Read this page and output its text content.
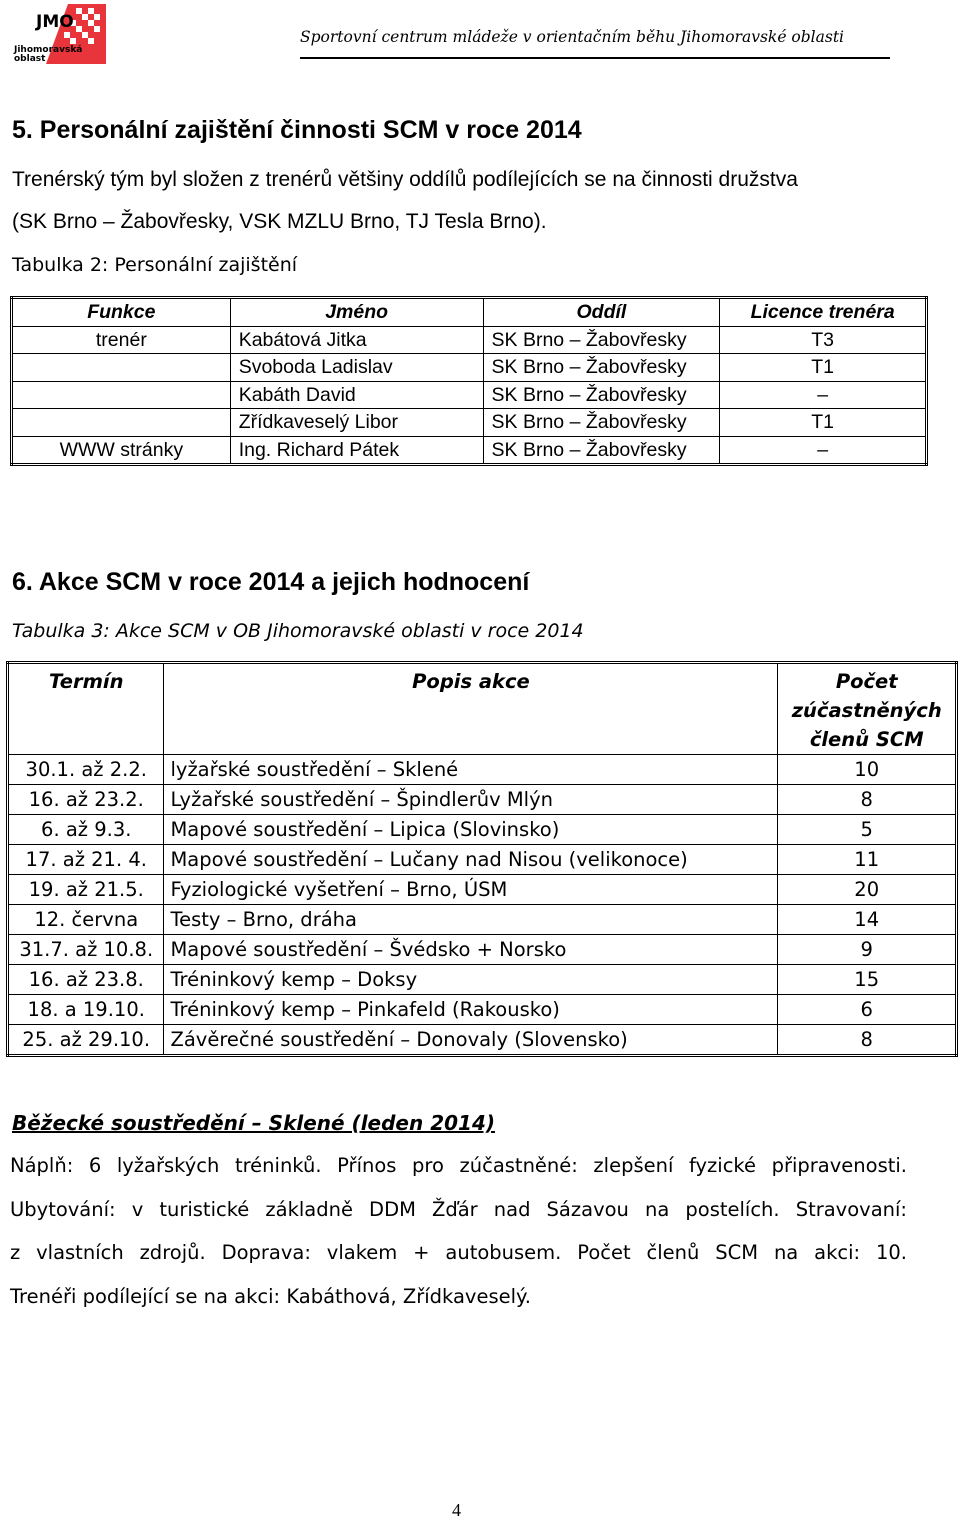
JMO
Jihomoravská oblast
Sportovní centrum mládeže v orientačním běhu Jihomoravské oblasti
5. Personální zajištění činnosti SCM v roce 2014
Trenérský tým byl složen z trenérů většiny oddílů podílejících se na činnosti družstva
(SK Brno – Žabovřesky, VSK MZLU Brno, TJ Tesla Brno).
Tabulka 2: Personální zajištění
Funkce	Jméno	Oddíl	Licence trenéra
trenér	Kabátová Jitka	SK Brno – Žabovřesky	T3
	Svoboda Ladislav	SK Brno – Žabovřesky	T1
	Kabáth David	SK Brno – Žabovřesky	–
	Zřídkaveselý Libor	SK Brno – Žabovřesky	T1
WWW stránky	Ing. Richard Pátek	SK Brno – Žabovřesky	–
6. Akce SCM v roce 2014 a jejich hodnocení
Tabulka 3: Akce SCM v OB Jihomoravské oblasti v roce 2014
Termín	Popis akce	Počet zúčastněných členů SCM
30.1. až 2.2.	lyžařské soustředění – Sklené	10
16. až 23.2.	Lyžařské soustředění – Špindlerův Mlýn	8
6. až 9.3.	Mapové soustředění – Lipica (Slovinsko)	5
17. až 21. 4.	Mapové soustředění – Lučany nad Nisou (velikonoce)	11
19. až 21.5.	Fyziologické vyšetření – Brno, ÚSM	20
12. června	Testy – Brno, dráha	14
31.7. až 10.8.	Mapové soustředění – Švédsko + Norsko	9
16. až 23.8.	Tréninkový kemp – Doksy	15
18. a 19.10.	Tréninkový kemp – Pinkafeld (Rakousko)	6
25. až 29.10.	Závěrečné soustředění – Donovaly (Slovensko)	8
Běžecké soustředění – Sklené (leden 2014)
Náplň: 6 lyžařských tréninků. Přínos pro zúčastněné: zlepšení fyzické připravenosti.
Ubytování: v turistické základně DDM Žďár nad Sázavou na postelích. Stravovaní:
z vlastních zdrojů. Doprava: vlakem + autobusem. Počet členů SCM na akci: 10.
Trenéři podílející se na akci: Kabáthová, Zřídkaveselý.
4
